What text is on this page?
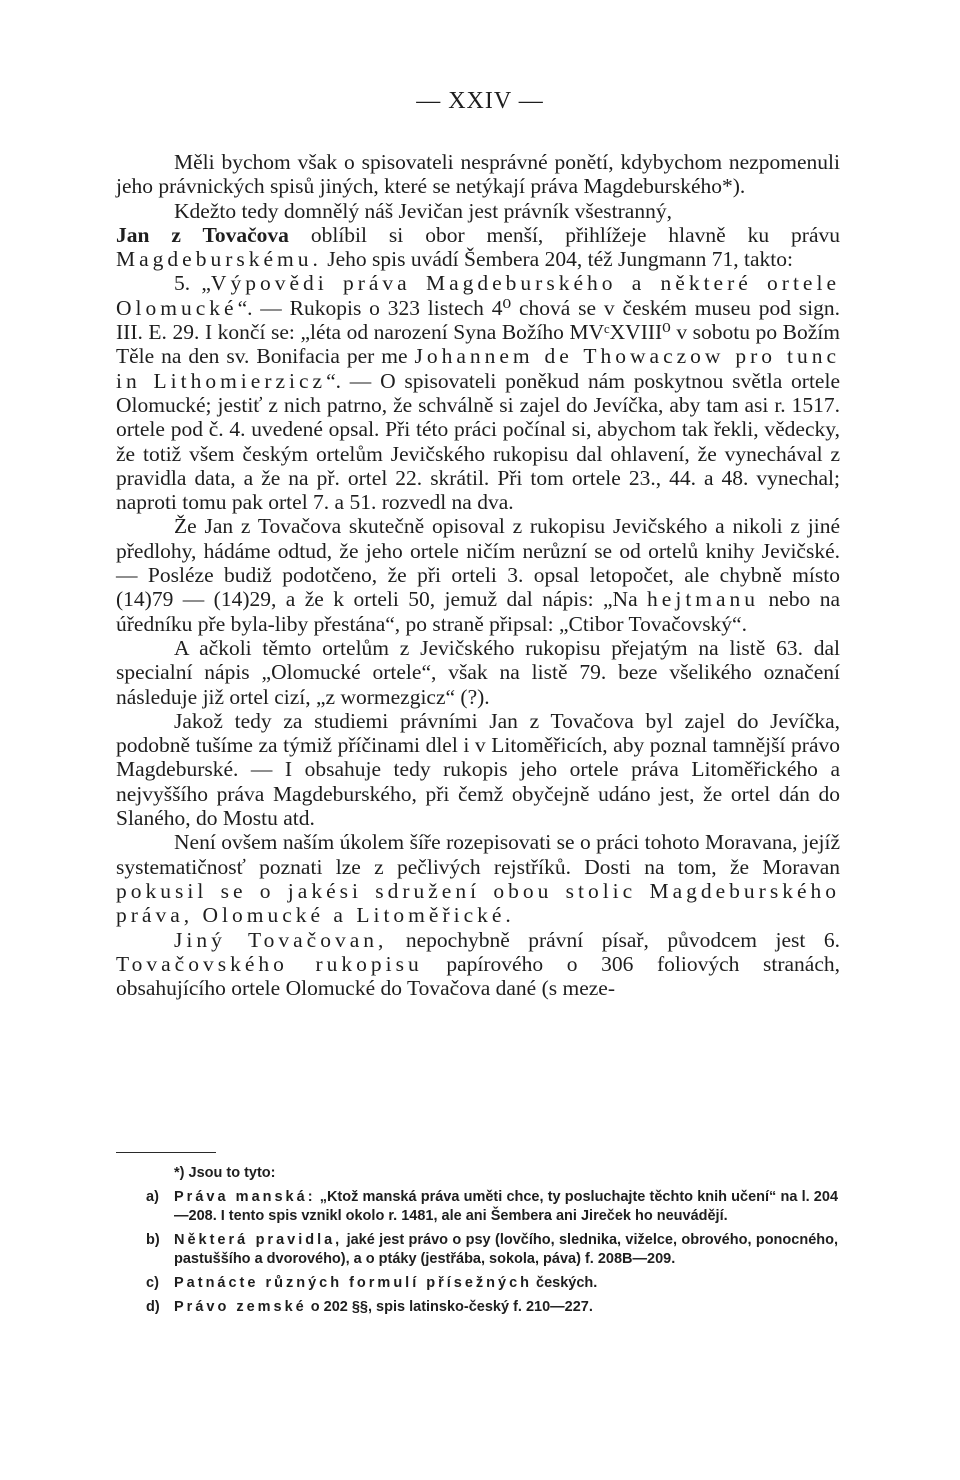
— XXIV —

Měli bychom však o spisovateli nesprávné ponětí, kdybychom nezpomenuli jeho právnických spisů jiných, které se netýkají práva Magdeburského*).

Kdežto tedy domnělý náš Jevičan jest právník všestranný,
Jan z Tovačova oblíbil si obor menší, přihlížeje hlavně ku právu Magdeburskému. Jeho spis uvádí Šembera 204, též Jungmann 71, takto:

5. „Výpovědi práva Magdeburského a některé ortele Olomucké“. — Rukopis o 323 listech 4⁰ chová se v českém museu pod sign. III. E. 29. I končí se: „léta od narození Syna Božího MVᶜXVIII⁰ v sobotu po Božím Těle na den sv. Bonifacia per me Johannem de Thowaczow pro tunc in Lithomierzicz“. — O spisovateli poněkud nám poskytnou světla ortele Olomucké; jestiť z nich patrno, že schválně si zajel do Jevíčka, aby tam asi r. 1517. ortele pod č. 4. uvedené opsal. Při této práci počínal si, abychom tak řekli, vědecky, že totiž všem českým ortelům Jevičského rukopisu dal ohlavení, že vynechával z pravidla data, a že na př. ortel 22. skrátil. Při tom ortele 23., 44. a 48. vynechal; naproti tomu pak ortel 7. a 51. rozvedl na dva.

Že Jan z Tovačova skutečně opisoval z rukopisu Jevičského a nikoli z jiné předlohy, hádáme odtud, že jeho ortele ničím nerůzní se od ortelů knihy Jevičské. — Posléze budiž podotčeno, že při orteli 3. opsal letopočet, ale chybně místo (14)79 — (14)29, a že k orteli 50, jemuž dal nápis: „Na hejtmanu nebo na úředníku pře byla-liby přestána“, po straně připsal: „Ctibor Tovačovský“.

A ačkoli těmto ortelům z Jevičského rukopisu přejatým na listě 63. dal specialní nápis „Olomucké ortele“, však na listě 79. beze všelikého označení následuje již ortel cizí, „z wormezgicz“ (?).

Jakož tedy za studiemi právními Jan z Tovačova byl zajel do Jevíčka, podobně tušíme za týmiž příčinami dlel i v Litoměřicích, aby poznal tamnější právo Magdeburské. — I obsahuje tedy rukopis jeho ortele práva Litoměřického a nejvyššího práva Magdeburského, při čemž obyčejně udáno jest, že ortel dán do Slaného, do Mostu atd.

Není ovšem naším úkolem šíře rozepisovati se o práci tohoto Moravana, jejíž systematičnosť poznati lze z pečlivých rejstříků. Dosti na tom, že Moravan pokusil se o jakési sdružení obou stolic Magdeburského práva, Olomucké a Litoměřické.

Jiný Tovačovan, nepochybně právní písař, původcem jest 6. Tovačovského rukopisu papírového o 306 foliových stranách, obsahujícího ortele Olomucké do Tovačova dané (s meze-

*) Jsou to tyto:
a) Práva manská: „Ktož manská práva uměti chce, ty posluchajte těchto knih učení“ na l. 204—208. I tento spis vznikl okolo r. 1481, ale ani Šembera ani Jireček ho neuvádějí.
b) Některá pravidla, jaké jest právo o psy (lovčího, slednika, viželce, obrového, ponocného, pastuššího a dvorového), a o ptáky (jestřába, sokola, páva) f. 208B—209.
c) Patnácte různých formulí přísežných českých.
d) Právo zemské o 202 §§, spis latinsko-český f. 210—227.
